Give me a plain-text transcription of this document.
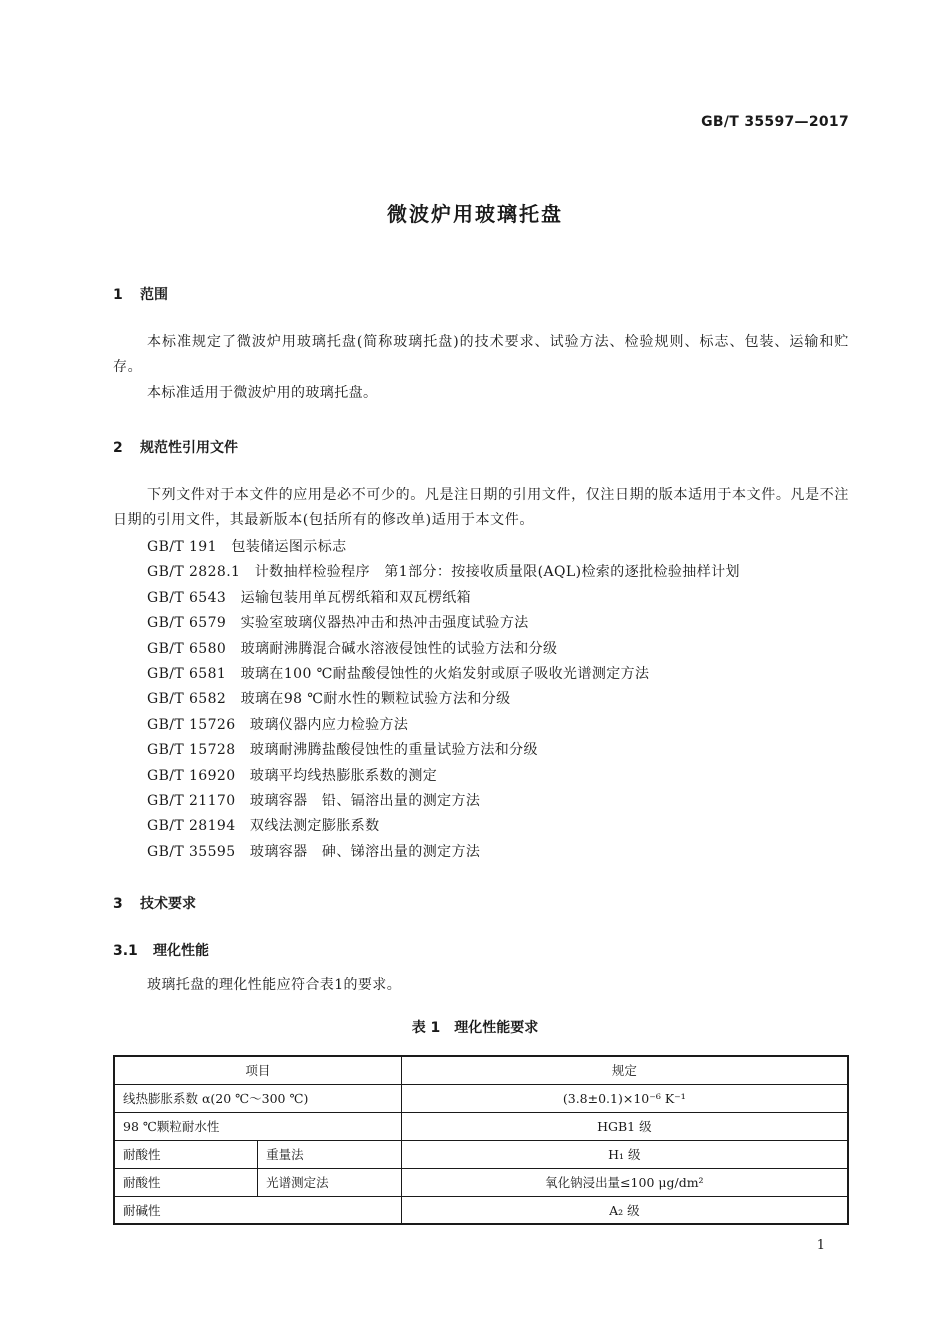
GB/T 35597—2017
微波炉用玻璃托盘
1 范围
本标准规定了微波炉用玻璃托盘(简称玻璃托盘)的技术要求、试验方法、检验规则、标志、包装、运输和贮存。
本标准适用于微波炉用的玻璃托盘。
2 规范性引用文件
下列文件对于本文件的应用是必不可少的。凡是注日期的引用文件，仅注日期的版本适用于本文件。凡是不注日期的引用文件，其最新版本(包括所有的修改单)适用于本文件。
GB/T 191　 包装储运图示标志
GB/T 2828.1　 计数抽样检验程序　第1部分：按接收质量限(AQL)检索的逐批检验抽样计划
GB/T 6543　 运输包装用单瓦楞纸箱和双瓦楞纸箱
GB/T 6579　 实验室玻璃仪器热冲击和热冲击强度试验方法
GB/T 6580　 玻璃耐沸腾混合碱水溶液侵蚀性的试验方法和分级
GB/T 6581　 玻璃在100 ℃耐盐酸侵蚀性的火焰发射或原子吸收光谱测定方法
GB/T 6582　 玻璃在98 ℃耐水性的颗粒试验方法和分级
GB/T 15726　 玻璃仪器内应力检验方法
GB/T 15728　 玻璃耐沸腾盐酸侵蚀性的重量试验方法和分级
GB/T 16920　 玻璃平均线热膨胀系数的测定
GB/T 21170　 玻璃容器　铅、镉溶出量的测定方法
GB/T 28194　 双线法测定膨胀系数
GB/T 35595　 玻璃容器　砷、锑溶出量的测定方法
3 技术要求
3.1 理化性能
玻璃托盘的理化性能应符合表1的要求。
表 1　理化性能要求
项目		规定
线热膨胀系数 α(20 ℃～300 ℃)		(3.8±0.1)×10⁻⁶ K⁻¹
98 ℃颗粒耐水性		HGB1 级
耐酸性	重量法	H₁ 级
耐酸性	光谱测定法	氧化钠浸出量≤100 μg/dm²
耐碱性		A₂ 级
1
